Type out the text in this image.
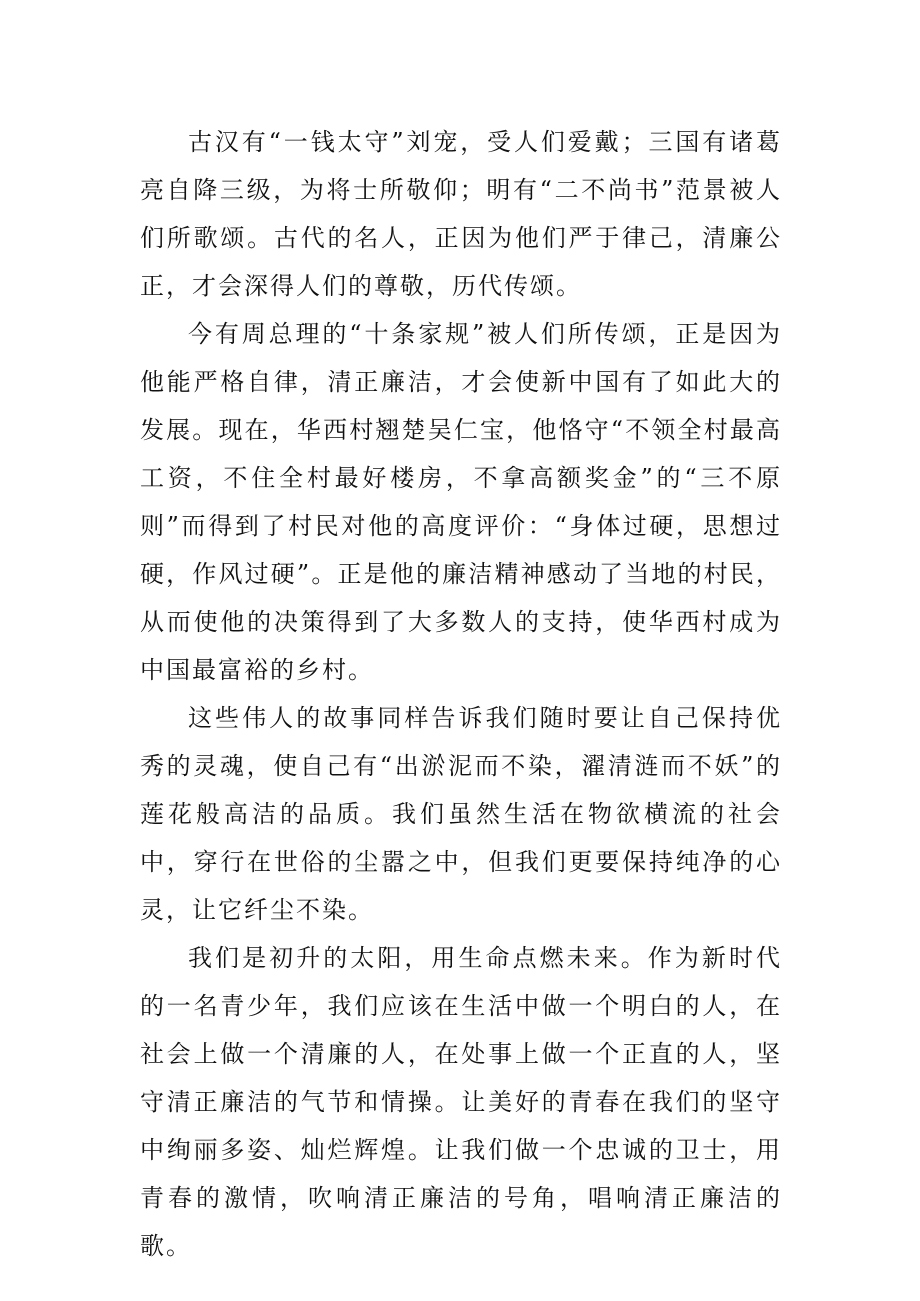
古汉有“一钱太守”刘宠，受人们爱戴；三国有诸葛亮自降三级，为将士所敬仰；明有“二不尚书”范景被人们所歌颂。古代的名人，正因为他们严于律己，清廉公正，才会深得人们的尊敬，历代传颂。

今有周总理的“十条家规”被人们所传颂，正是因为他能严格自律，清正廉洁，才会使新中国有了如此大的发展。现在，华西村翘楚吴仁宝，他恪守“不领全村最高工资，不住全村最好楼房，不拿高额奖金”的“三不原则”而得到了村民对他的高度评价：“身体过硬，思想过硬，作风过硬”。正是他的廉洁精神感动了当地的村民，从而使他的决策得到了大多数人的支持，使华西村成为中国最富裕的乡村。

这些伟人的故事同样告诉我们随时要让自己保持优秀的灵魂，使自己有“出淤泥而不染，濯清涟而不妖”的莲花般高洁的品质。我们虽然生活在物欲横流的社会中，穿行在世俗的尘嚣之中，但我们更要保持纯净的心灵，让它纤尘不染。

我们是初升的太阳，用生命点燃未来。作为新时代的一名青少年，我们应该在生活中做一个明白的人，在社会上做一个清廉的人，在处事上做一个正直的人，坚守清正廉洁的气节和情操。让美好的青春在我们的坚守中绚丽多姿、灿烂辉煌。让我们做一个忠诚的卫士，用青春的激情，吹响清正廉洁的号角，唱响清正廉洁的歌。
